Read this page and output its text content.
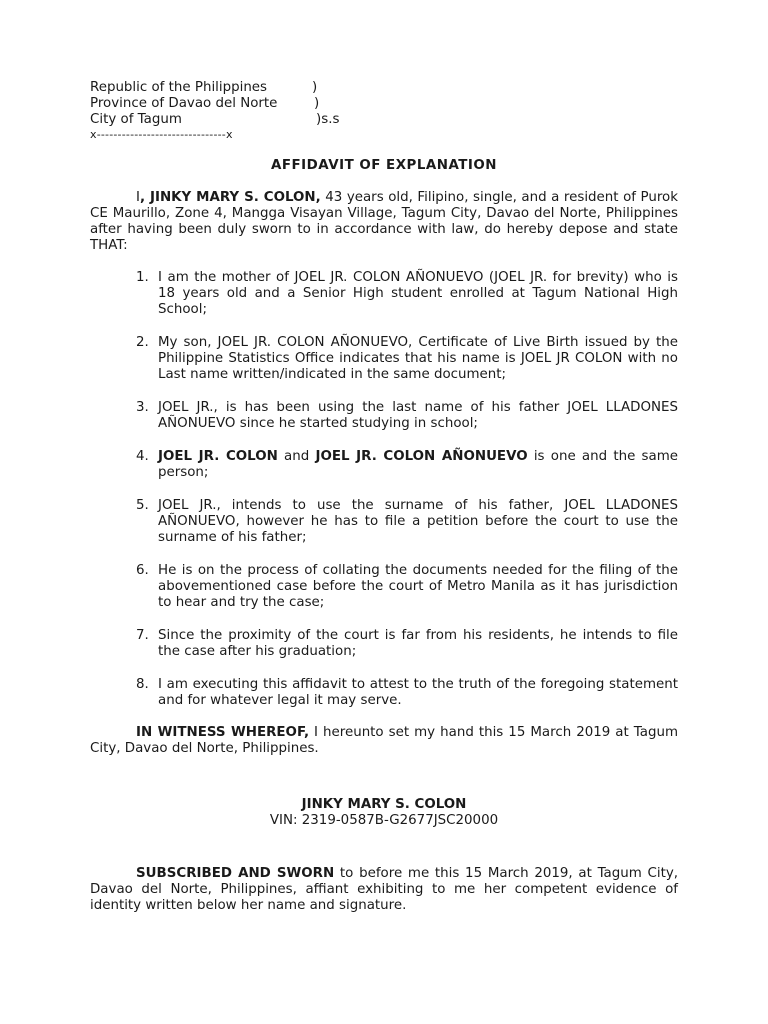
Republic of the Philippines	)
Province of Davao del Norte	)
City of Tagum	)s.s
x-------------------------------x
AFFIDAVIT OF EXPLANATION
I, JINKY MARY S. COLON, 43 years old, Filipino, single, and a resident of Purok CE Maurillo, Zone 4, Mangga Visayan Village, Tagum City, Davao del Norte, Philippines after having been duly sworn to in accordance with law, do hereby depose and state THAT:
1. I am the mother of JOEL JR. COLON AÑONUEVO (JOEL JR. for brevity) who is 18 years old and a Senior High student enrolled at Tagum National High School;
2. My son, JOEL JR. COLON AÑONUEVO, Certificate of Live Birth issued by the Philippine Statistics Office indicates that his name is JOEL JR COLON with no Last name written/indicated in the same document;
3. JOEL JR., is has been using the last name of his father JOEL LLADONES AÑONUEVO since he started studying in school;
4. JOEL JR. COLON and JOEL JR. COLON AÑONUEVO is one and the same person;
5. JOEL JR., intends to use the surname of his father, JOEL LLADONES AÑONUEVO, however he has to file a petition before the court to use the surname of his father;
6. He is on the process of collating the documents needed for the filing of the abovementioned case before the court of Metro Manila as it has jurisdiction to hear and try the case;
7. Since the proximity of the court is far from his residents, he intends to file the case after his graduation;
8. I am executing this affidavit to attest to the truth of the foregoing statement and for whatever legal it may serve.
IN WITNESS WHEREOF, I hereunto set my hand this 15 March 2019 at Tagum City, Davao del Norte, Philippines.
JINKY MARY S. COLON
VIN: 2319-0587B-G2677JSC20000
SUBSCRIBED AND SWORN to before me this 15 March 2019, at Tagum City, Davao del Norte, Philippines, affiant exhibiting to me her competent evidence of identity written below her name and signature.
